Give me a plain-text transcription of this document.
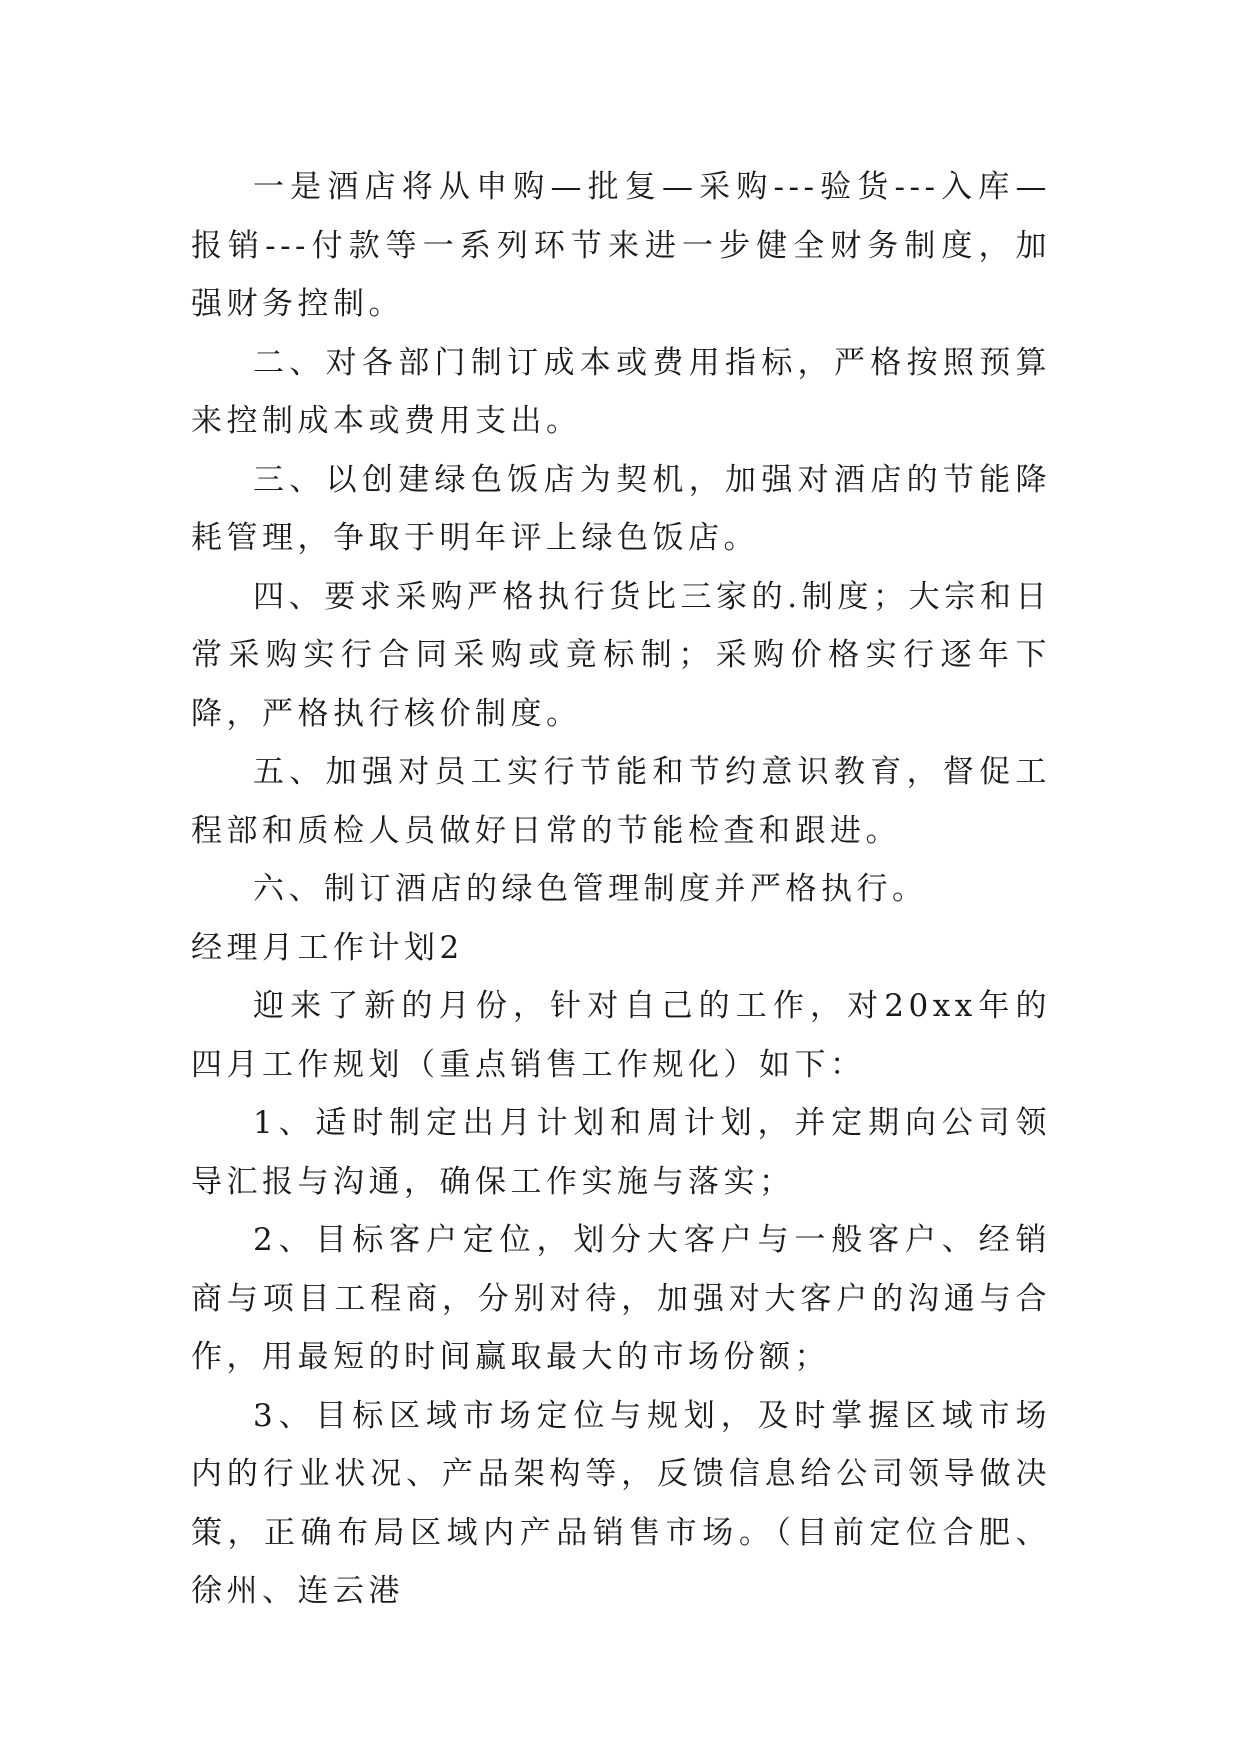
一是酒店将从申购—批复—采购---验货---入库—报销---付款等一系列环节来进一步健全财务制度，加强财务控制。

二、对各部门制订成本或费用指标，严格按照预算来控制成本或费用支出。

三、以创建绿色饭店为契机，加强对酒店的节能降耗管理，争取于明年评上绿色饭店。

四、要求采购严格执行货比三家的.制度；大宗和日常采购实行合同采购或竟标制；采购价格实行逐年下降，严格执行核价制度。

五、加强对员工实行节能和节约意识教育，督促工程部和质检人员做好日常的节能检查和跟进。

六、制订酒店的绿色管理制度并严格执行。

经理月工作计划2

迎来了新的月份，针对自己的工作，对20xx年的四月工作规划（重点销售工作规化）如下：

1、适时制定出月计划和周计划，并定期向公司领导汇报与沟通，确保工作实施与落实；

2、目标客户定位，划分大客户与一般客户、经销商与项目工程商，分别对待，加强对大客户的沟通与合作，用最短的时间赢取最大的市场份额；

3、目标区域市场定位与规划，及时掌握区域市场内的行业状况、产品架构等，反馈信息给公司领导做决策，正确布局区域内产品销售市场。（目前定位合肥、徐州、连云港
